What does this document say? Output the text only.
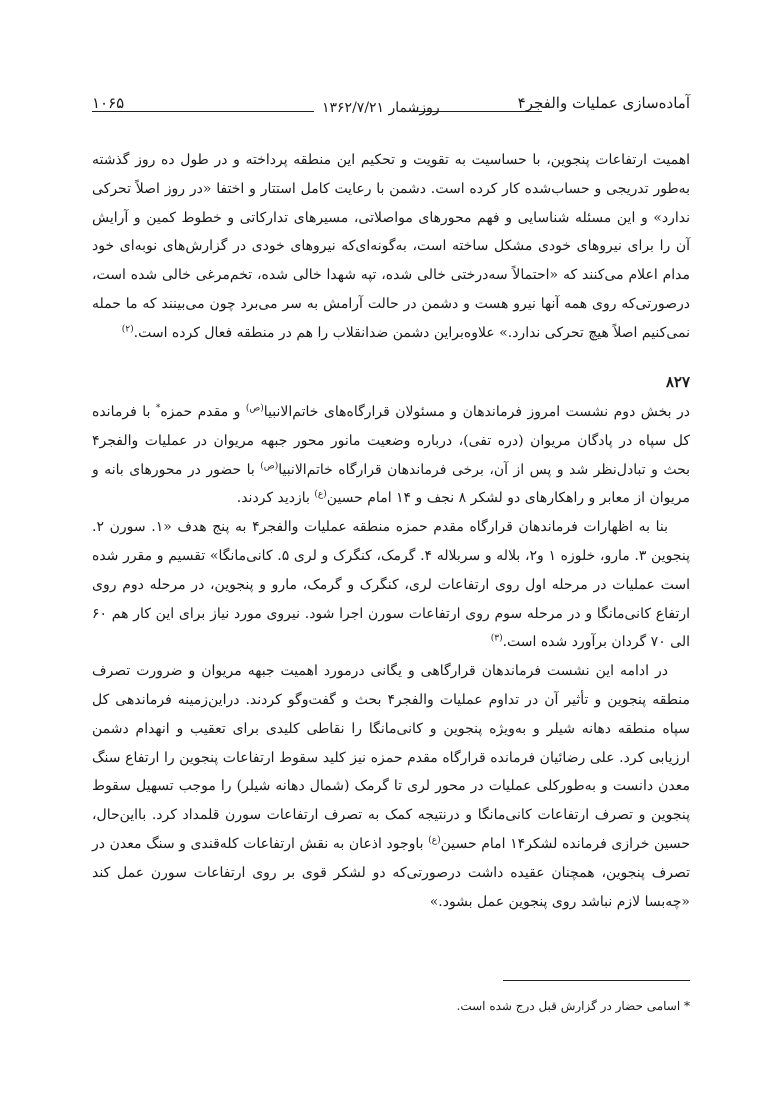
آماده‌سازی عملیات والفجر۴
۱۰۶۵	روزشمار ۱۳۶۲/۷/۲۱

اهمیت ارتفاعات پنجوین، با حساسیت به تقویت و تحکیم این منطقه پرداخته و در طول ده روز گذشته به‌طور تدریجی و حساب‌شده کار کرده است. دشمن با رعایت کامل استتار و اختفا «در روز اصلاً تحرکی ندارد» و این مسئله شناسایی و فهم محورهای مواصلاتی، مسیرهای تدارکاتی و خطوط کمین و آرایش آن را برای نیروهای خودی مشکل ساخته است، به‌گونه‌ای‌که نیروهای خودی در گزارش‌های نوبه‌ای خود مدام اعلام می‌کنند که «احتمالاً سه‌درختی خالی شده، تپه شهدا خالی شده، تخم‌مرغی خالی شده است، درصورتی‌که روی همه آنها نیرو هست و دشمن در حالت آرامش به سر می‌برد چون می‌بینند که ما حمله نمی‌کنیم اصلاً هیچ تحرکی ندارد.» علاوه‌براین دشمن ضدانقلاب را هم در منطقه فعال کرده است.$^{(۲)}$

۸۲۷

در بخش دوم نشست امروز فرماندهان و مسئولان قرارگاه‌های خاتم‌الانبیا$^{(ص)}$ و مقدم حمزه* با فرمانده کل سپاه در پادگان مریوان (دره تفی)، درباره وضعیت مانور محور جبهه مریوان در عملیات والفجر۴ بحث و تبادل‌نظر شد و پس از آن، برخی فرماندهان قرارگاه خاتم‌الانبیا$^{(ص)}$ با حضور در محورهای بانه و مریوان از معابر و راهکارهای دو لشکر ۸ نجف و ۱۴ امام حسین$^{(ع)}$ بازدید کردند.

بنا به اظهارات فرماندهان قرارگاه مقدم حمزه منطقه عملیات والفجر۴ به پنج هدف «۱. سورن ۲. پنجوین ۳. مارو، خلوزه ۱ و۲، بلاله و سربلاله ۴. گرمک، کنگرک و لری ۵. کانی‌مانگا» تقسیم و مقرر شده است عملیات در مرحله اول روی ارتفاعات لری، کنگرک و گرمک، مارو و پنجوین، در مرحله دوم روی ارتفاع کانی‌مانگا و در مرحله سوم روی ارتفاعات سورن اجرا شود. نیروی مورد نیاز برای این کار هم ۶۰ الی ۷۰ گردان برآورد شده است.$^{(۳)}$

در ادامه این نشست فرماندهان قرارگاهی و یگانی درمورد اهمیت جبهه مریوان و ضرورت تصرف منطقه پنجوین و تأثیر آن در تداوم عملیات والفجر۴ بحث و گفت‌وگو کردند. دراین‌زمینه فرماندهی کل سپاه منطقه دهانه شیلر و به‌ویژه پنجوین و کانی‌مانگا را نقاطی کلیدی برای تعقیب و انهدام دشمن ارزیابی کرد. علی رضائیان فرمانده قرارگاه مقدم حمزه نیز کلید سقوط ارتفاعات پنجوین را ارتفاع سنگ معدن دانست و به‌طورکلی عملیات در محور لری تا گرمک (شمال دهانه شیلر) را موجب تسهیل سقوط پنجوین و تصرف ارتفاعات کانی‌مانگا و درنتیجه کمک به تصرف ارتفاعات سورن قلمداد کرد. بااین‌حال، حسین خرازی فرمانده لشکر۱۴ امام حسین$^{(ع)}$ باوجود اذعان به نقش ارتفاعات کله‌قندی و سنگ معدن در تصرف پنجوین، همچنان عقیده داشت درصورتی‌که دو لشکر قوی بر روی ارتفاعات سورن عمل کند «چه‌بسا لازم نباشد روی پنجوین عمل بشود.»

* اسامی حضار در گزارش قبل درج شده است.
